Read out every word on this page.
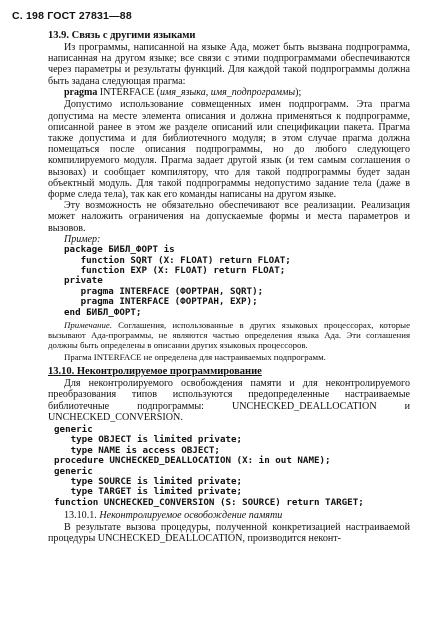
С. 198 ГОСТ 27831—88
13.9. Связь с другими языками

Из программы, написанной на языке Ада, может быть вызвана подпрограмма, написанная на другом языке; все связи с этими подпрограммами обеспечиваются через параметры и результаты функций. Для каждой такой подпрограммы должна быть задана следующая прагма:

pragma INTERFACE (имя_языка, имя_подпрограммы);

Допустимо использование совмещенных имен подпрограмм. Эта прагма допустима на месте элемента описания и должна применяться к подпрограмме, описанной ранее в этом же разделе описаний или спецификации пакета. Прагма также допустима и для библиотечного модуля; в этом случае прагма должна помещаться после описания подпрограммы, но до любого следующего компилируемого модуля. Прагма задает другой язык (и тем самым соглашения о вызовах) и сообщает компилятору, что для такой подпрограммы будет задан объектный модуль. Для такой подпрограммы недопустимо задание тела (даже в форме следа тела), так как его команды написаны на другом языке.

Эту возможность не обязательно обеспечивают все реализации. Реализация может наложить ограничения на допускаемые формы и места параметров и вызовов.

Пример:
package БИБЛ_ФОРТ is
function SQRT (X: FLOAT) return FLOAT;
function EXP (X: FLOAT) return FLOAT;
private
pragma INTERFACE (ФОРТРАН, SQRT);
pragma INTERFACE (ФОРТРАН, EXP);
end БИБЛ_ФОРТ;

Примечание. Соглашения, использованные в других языковых процессорах, которые вызывают Ада-программы, не являются частью определения языка Ада. Эти соглашения должны быть определены в описании других языковых процессоров.

Прагма INTERFACE не определена для настраиваемых подпрограмм.

13.10. Неконтролируемое программирование

Для неконтролируемого освобождения памяти и для неконтролируемого преобразования типов используются предопределенные настраиваемые библиотечные подпрограммы: UNCHECKED_DEALLOCATION и UNCHECKED_CONVERSION.

generic
type OBJECT is limited private;
type NAME is access OBJECT;
procedure UNCHECKED_DEALLOCATION (X: in out NAME);
generic
type SOURCE is limited private;
type TARGET is limited private;
function UNCHECKED_CONVERSION (S: SOURCE) return TARGET;
13.10.1. Неконтролируемое освобождение памяти

В результате вызова процедуры, полученной конкретизацией настраиваемой процедуры UNCHECKED_DEALLOCATION, производится неконт-
